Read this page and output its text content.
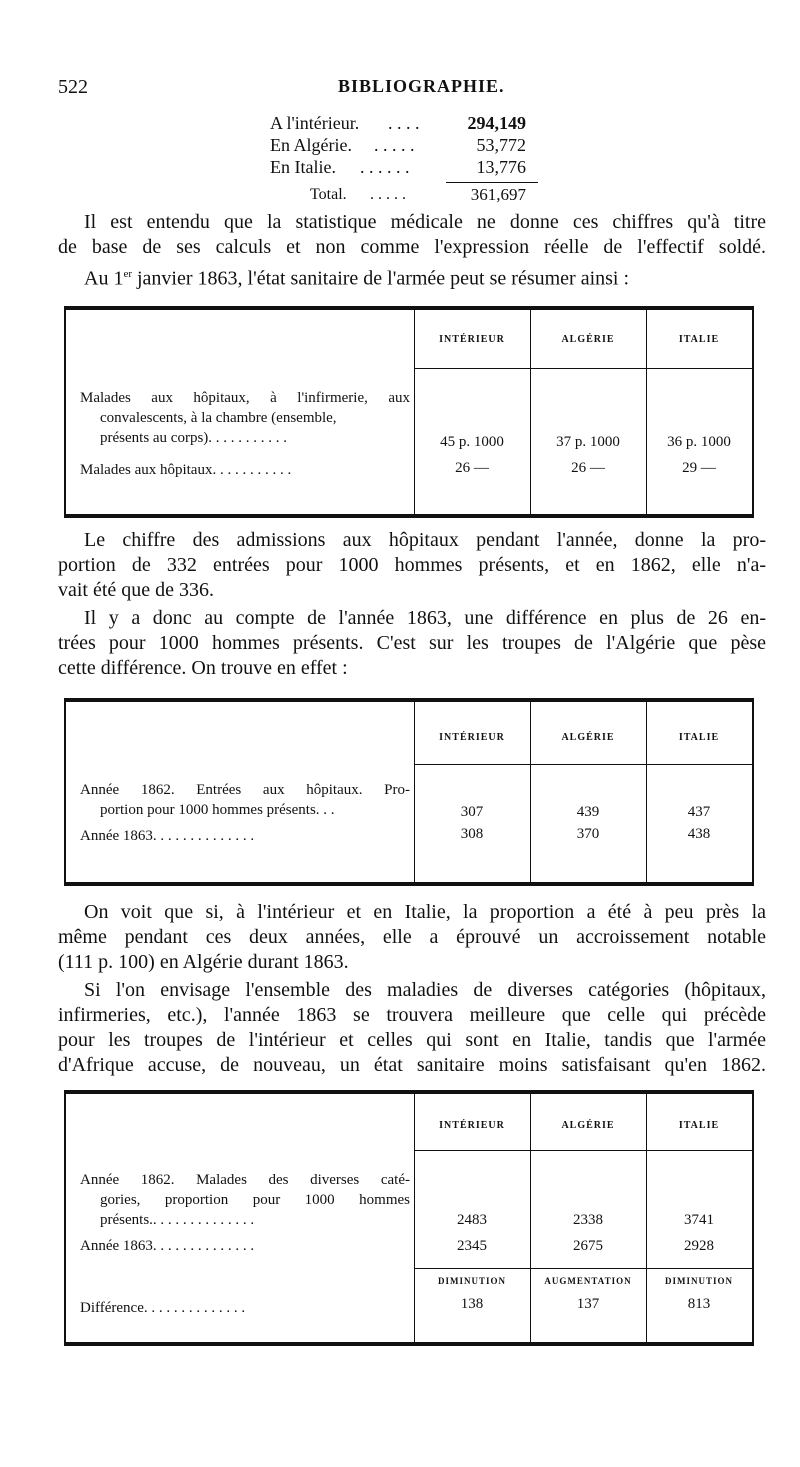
522	BIBLIOGRAPHIE.
A l'intérieur. . . . .	294,149
En Algérie. . . . . .	53,772
En Italie. . . . . . .	13,776
Total. . . . . .	361,697
Il est entendu que la statistique médicale ne donne ces chiffres qu'à titre
de base de ses calculs et non comme l'expression réelle de l'effectif soldé.
Au 1er janvier 1863, l'état sanitaire de l'armée peut se résumer ainsi :
INTÉRIEUR	ALGÉRIE	ITALIE
Malades aux hôpitaux, à l'infirmerie, aux
convalescents, à la chambre (ensemble,
présents au corps). . . . . . . . . . .	45 p. 1000	37 p. 1000	36 p. 1000
Malades aux hôpitaux. . . . . . . . . . .	26 —	26 —	29 —
Le chiffre des admissions aux hôpitaux pendant l'année, donne la pro-
portion de 332 entrées pour 1000 hommes présents, et en 1862, elle n'a-
vait été que de 336.
Il y a donc au compte de l'année 1863, une différence en plus de 26 en-
trées pour 1000 hommes présents. C'est sur les troupes de l'Algérie que pèse
cette différence. On trouve en effet :
INTÉRIEUR	ALGÉRIE	ITALIE
Année 1862. Entrées aux hôpitaux. Pro-
portion pour 1000 hommes présents. . .	307	439	437
Année 1863. . . . . . . . . . . . . .	308	370	438
On voit que si, à l'intérieur et en Italie, la proportion a été à peu près la
même pendant ces deux années, elle a éprouvé un accroissement notable
(111 p. 100) en Algérie durant 1863.
Si l'on envisage l'ensemble des maladies de diverses catégories (hôpitaux,
infirmeries, etc.), l'année 1863 se trouvera meilleure que celle qui précède
pour les troupes de l'intérieur et celles qui sont en Italie, tandis que l'armée
d'Afrique accuse, de nouveau, un état sanitaire moins satisfaisant qu'en 1862.
INTÉRIEUR	ALGÉRIE	ITALIE
Année 1862. Malades des diverses caté-
gories, proportion pour 1000 hommes
présents.. . . . . . . . . . . . . .	2483	2338	3741
Année 1863. . . . . . . . . . . . . .	2345	2675	2928
DIMINUTION	AUGMENTATION	DIMINUTION
Différence. . . . . . . . . . . . . .	138	137	813
